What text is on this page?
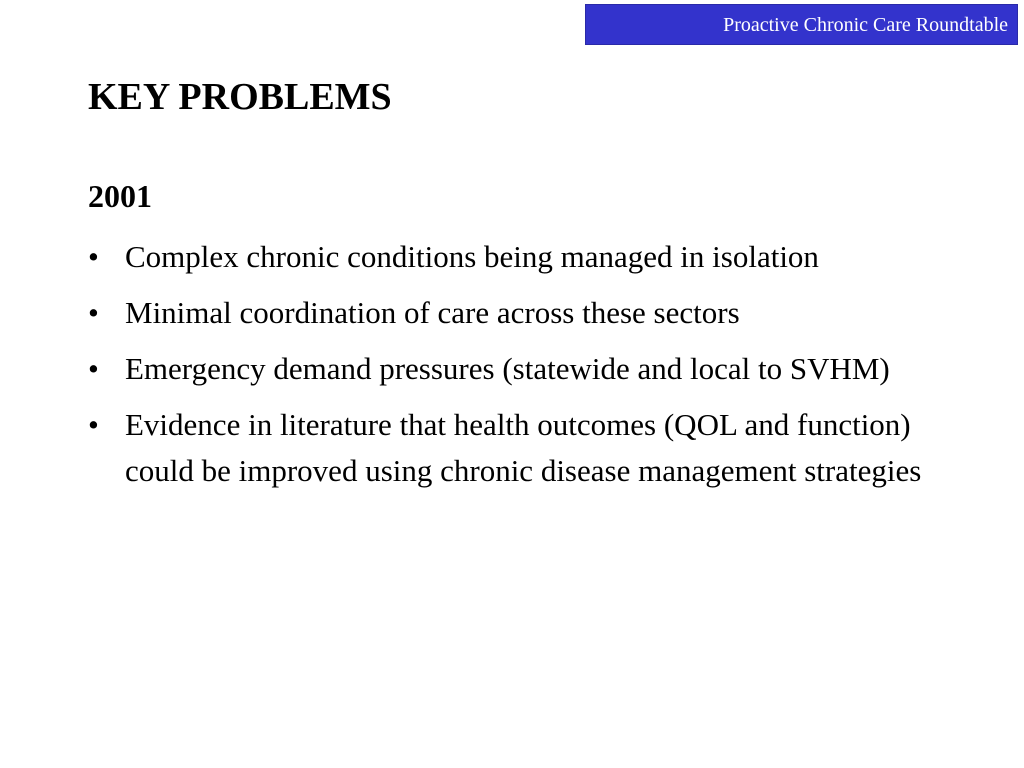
Proactive Chronic Care Roundtable
KEY PROBLEMS
2001
• Complex chronic conditions being managed in isolation
• Minimal coordination of care across these sectors
• Emergency demand pressures (statewide and local to SVHM)
• Evidence in literature that health outcomes (QOL and function) could be improved using chronic disease management strategies
